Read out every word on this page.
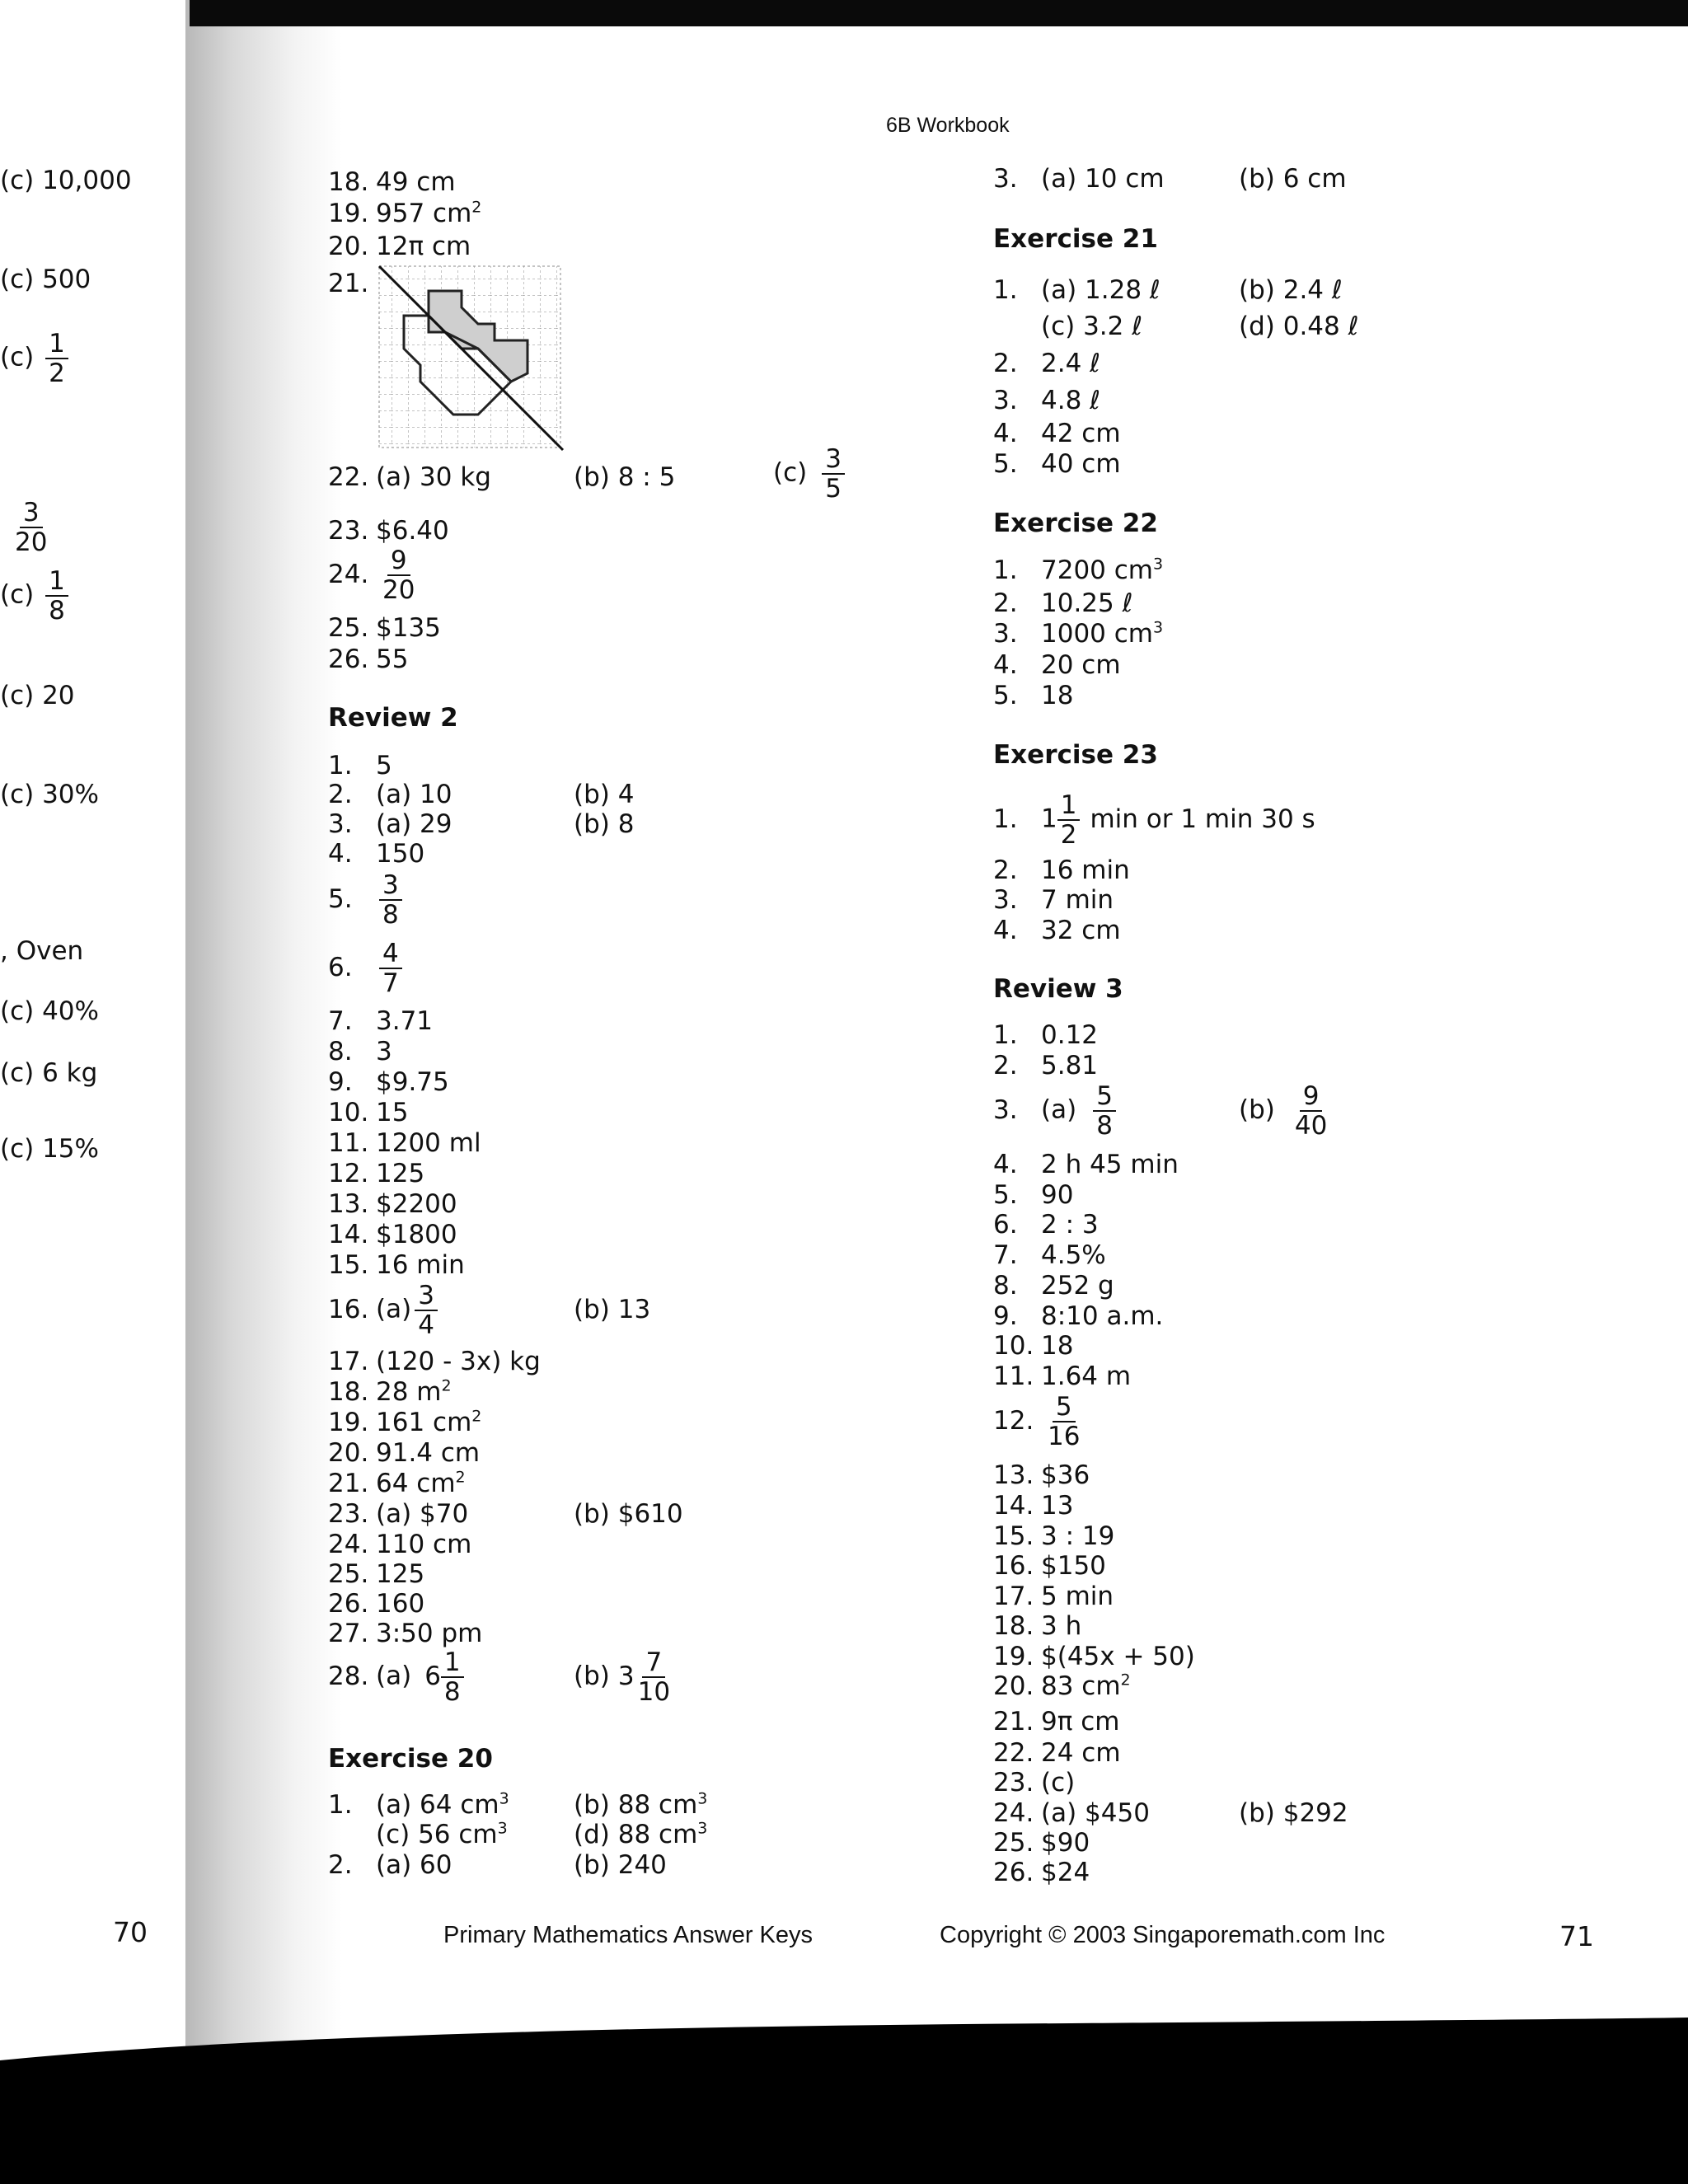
6B Workbook
(c) 10,000
(c) 500
$(c) \frac{1}{2}$
$\frac{3}{20}$
$(c) \frac{1}{8}$
(c) 20
(c) 30%
, Oven
(c) 40%
(c) 6 kg
(c) 15%
70
18. 49 cm
19. 957 $cm^2$
20. 12π cm
21.
22. (a) 30 kg	(b) 8 : 5	$(c) \frac{3}{5}$
23. $6.40
24. $\frac{9}{20}$
25. $135
26. 55
Review 2
1. 5
2. (a) 10	(b) 4
3. (a) 29	(b) 8
4. 150
5. $\frac{3}{8}$
6. $\frac{4}{7}$
7. 3.71
8. 3
9. $9.75
10. 15
11. 1200 ml
12. 125
13. $2200
14. $1800
15. 16 min
16. $(a) \frac{3}{4}$	(b) 13
17. (120 - 3x) kg
18. 28 $m^2$
19. 161 $cm^2$
20. 91.4 cm
21. 64 $cm^2$
23. (a) $70	(b) $610
24. 110 cm
25. 125
26. 160
27. 3:50 pm
28. (a) $6 \frac{1}{8}$	(b) $3 \frac{7}{10}$
Exercise 20
1. (a) 64 $cm^3$	(b) 88 $cm^3$
(c) 56 $cm^3$	(d) 88 $cm^3$
2. (a) 60	(b) 240
3. (a) 10 cm	(b) 6 cm
Exercise 21
1. (a) 1.28 ℓ	(b) 2.4 ℓ
(c) 3.2 ℓ	(d) 0.48 ℓ
2. 2.4 ℓ
3. 4.8 ℓ
4. 42 cm
5. 40 cm
Exercise 22
1. 7200 $cm^3$
2. 10.25 ℓ
3. 1000 $cm^3$
4. 20 cm
5. 18
Exercise 23
1. $1 \frac{1}{2}$ min or 1 min 30 s
2. 16 min
3. 7 min
4. 32 cm
Review 3
1. 0.12
2. 5.81
3. $(a) \frac{5}{8}$	$(b) \frac{9}{40}$
4. 2 h 45 min
5. 90
6. 2 : 3
7. 4.5%
8. 252 g
9. 8:10 a.m.
10. 18
11. 1.64 m
12. $\frac{5}{16}$
13. $36
14. 13
15. 3 : 19
16. $150
17. 5 min
18. 3 h
19. $(45x + 50)
20. 83 $cm^2$
21. 9π cm
22. 24 cm
23. (c)
24. (a) $450	(b) $292
25. $90
26. $24
Primary Mathematics Answer Keys	Copyright © 2003 Singaporemath.com Inc	71
